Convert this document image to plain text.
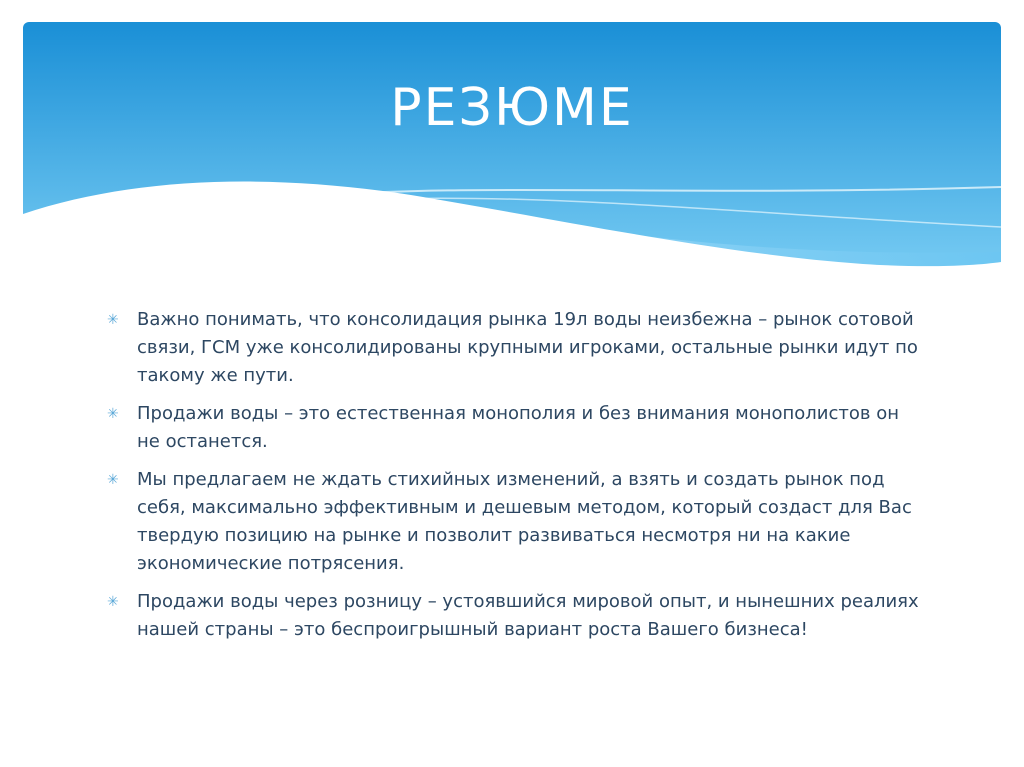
РЕЗЮМЕ
✳ Важно понимать, что консолидация рынка 19л воды неизбежна – рынок сотовой связи, ГСМ уже консолидированы крупными игроками, остальные рынки идут по такому же пути.
✳ Продажи воды – это естественная монополия и без внимания монополистов он не останется.
✳ Мы предлагаем не ждать стихийных изменений, а взять и создать рынок под себя, максимально эффективным и дешевым методом, который создаст для Вас твердую позицию на рынке и позволит развиваться несмотря ни на какие экономические потрясения.
✳ Продажи воды через розницу – устоявшийся мировой опыт, и нынешних реалиях нашей страны – это беспроигрышный вариант роста Вашего бизнеса!
